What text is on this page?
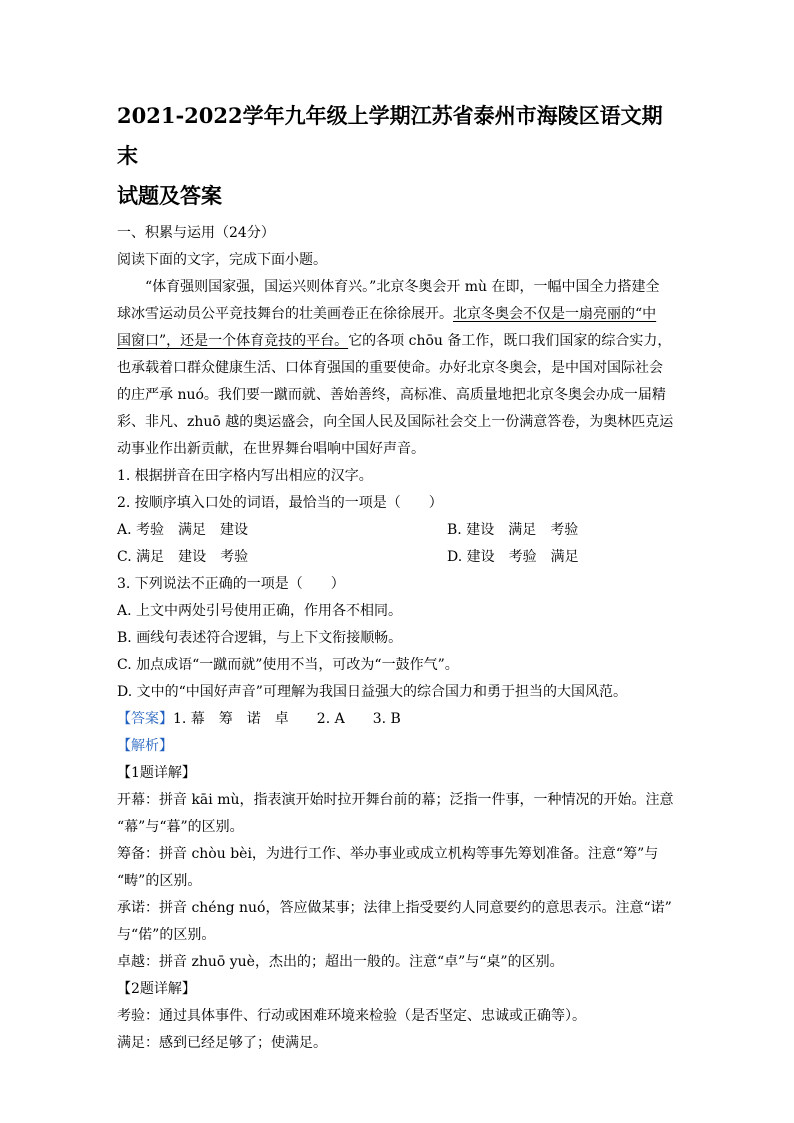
2021-2022学年九年级上学期江苏省泰州市海陵区语文期末
试题及答案

一、积累与运用（24分）

阅读下面的文字，完成下面小题。

“体育强则国家强，国运兴则体育兴。”北京冬奥会开 mù 在即，一幅中国全力搭建全

球冰雪运动员公平竞技舞台的壮美画卷正在徐徐展开。北京冬奥会不仅是一扇亮丽的“中

国窗口”，还是一个体育竞技的平台。它的各项 chōu 备工作，既口我们国家的综合实力，

也承载着口群众健康生活、口体育强国的重要使命。办好北京冬奥会，是中国对国际社会

的庄严承 nuó。我们要一蹴而就、善始善终，高标准、高质量地把北京冬奥会办成一届精

彩、非凡、zhuō 越的奥运盛会，向全国人民及国际社会交上一份满意答卷，为奥林匹克运

动事业作出新贡献，在世界舞台唱响中国好声音。

1. 根据拼音在田字格内写出相应的汉字。

2. 按顺序填入口处的词语，最恰当的一项是（　　）

A. 考验　满足　建设	B. 建设　满足　考验
C. 满足　建设　考验	D. 建设　考验　满足

3. 下列说法不正确的一项是（　　）

A. 上文中两处引号使用正确，作用各不相同。

B. 画线句表述符合逻辑，与上下文衔接顺畅。

C. 加点成语“一蹴而就”使用不当，可改为“一鼓作气”。

D. 文中的“中国好声音”可理解为我国日益强大的综合国力和勇于担当的大国风范。

【答案】1. 幕　筹　诺　卓　　2. A　　3. B

【解析】

【1题详解】

开幕：拼音 kāi mù，指表演开始时拉开舞台前的幕；泛指一件事，一种情况的开始。注意

“幕”与“暮”的区别。

筹备：拼音 chòu bèi，为进行工作、举办事业或成立机构等事先筹划准备。注意“筹”与

“畴”的区别。

承诺：拼音 chéng nuó，答应做某事；法律上指受要约人同意要约的意思表示。注意“诺”

与“偌”的区别。

卓越：拼音 zhuō yuè，杰出的；超出一般的。注意“卓”与“桌”的区别。

【2题详解】

考验：通过具体事件、行动或困难环境来检验（是否坚定、忠诚或正确等）。

满足：感到已经足够了；使满足。
